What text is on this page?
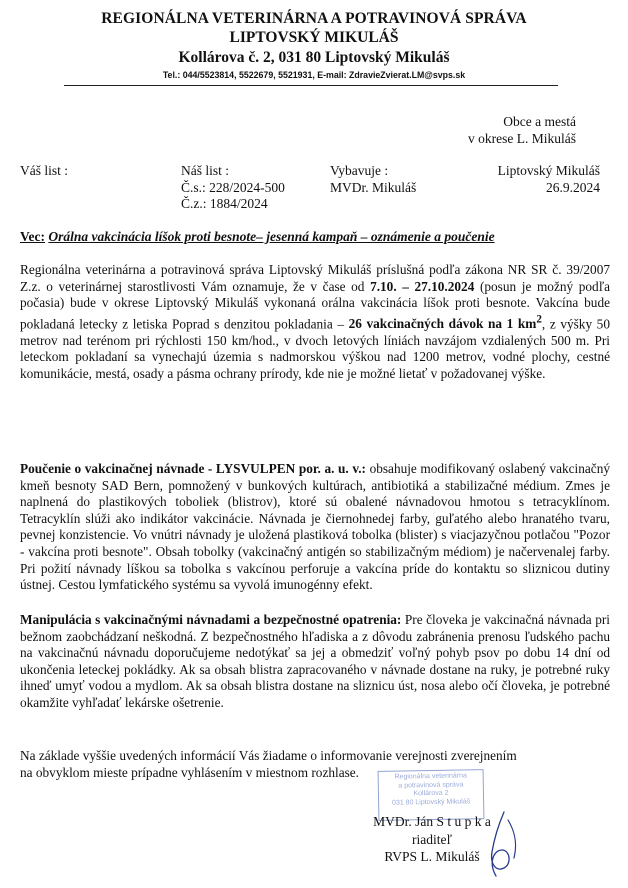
REGIONÁLNA VETERINÁRNA A POTRAVINOVÁ SPRÁVA
LIPTOVSKÝ MIKULÁŠ
Kollárova č. 2, 031 80 Liptovský Mikuláš
Tel.: 044/5523814, 5522679, 5521931, E-mail: ZdravieZvierat.LM@svps.sk
Obce a mestá
v okrese L. Mikuláš
Váš list :	Náš list :
Č.s.: 228/2024-500
Č.z.: 1884/2024
Vybavuje :
MVDr. Mikuláš
Liptovský Mikuláš
26.9.2024
Vec: Orálna vakcinácia líšok proti besnote– jesenná kampaň – oznámenie a poučenie

Regionálna veterinárna a potravinová správa Liptovský Mikuláš príslušná podľa zákona NR SR č. 39/2007 Z.z. o veterinárnej starostlivosti Vám oznamuje, že v čase od 7.10. – 27.10.2024 (posun je možný podľa počasia) bude v okrese Liptovský Mikuláš vykonaná orálna vakcinácia líšok proti besnote. Vakcína bude pokladaná letecky z letiska Poprad s denzitou pokladania – 26 vakcinačných dávok na 1 $km^2$, z výšky 50 metrov nad terénom pri rýchlosti 150 km/hod., v dvoch letových líniách navzájom vzdialených 500 m. Pri leteckom pokladaní sa vynechajú územia s nadmorskou výškou nad 1200 metrov, vodné plochy, cestné komunikácie, mestá, osady a pásma ochrany prírody, kde nie je možné lietať v požadovanej výške.

Poučenie o vakcinačnej návnade - LYSVULPEN por. a. u. v.: obsahuje modifikovaný oslabený vakcinačný kmeň besnoty SAD Bern, pomnožený v bunkových kultúrach, antibiotiká a stabilizačné médium. Zmes je naplnená do plastikových toboliek (blistrov), ktoré sú obalené návnadovou hmotou s tetracyklínom. Tetracyklín slúži ako indikátor vakcinácie. Návnada je čiernohnedej farby, guľatého alebo hranatého tvaru, pevnej konzistencie. Vo vnútri návnady je uložená plastiková tobolka (blister) s viacjazyčnou potlačou "Pozor - vakcína proti besnote". Obsah tobolky (vakcinačný antigén so stabilizačným médiom) je načervenalej farby. Pri požití návnady líškou sa tobolka s vakcínou perforuje a vakcína príde do kontaktu so sliznicou dutiny ústnej. Cestou lymfatického systému sa vyvolá imunogénny efekt.

Manipulácia s vakcinačnými návnadami a bezpečnostné opatrenia: Pre človeka je vakcinačná návnada pri bežnom zaobchádzaní neškodná. Z bezpečnostného hľadiska a z dôvodu zabránenia prenosu ľudského pachu na vakcinačnú návnadu doporučujeme nedotýkať sa jej a obmedziť voľný pohyb psov po dobu 14 dní od ukončenia leteckej pokládky. Ak sa obsah blistra zapracovaného v návnade dostane na ruky, je potrebné ruky ihneď umyť vodou a mydlom. Ak sa obsah blistra dostane na sliznicu úst, nosa alebo očí človeka, je potrebné okamžite vyhľadať lekárske ošetrenie.

Na základe vyššie uvedených informácií Vás žiadame o informovanie verejnosti zverejnením
na obvyklom mieste prípadne vyhlásením v miestnom rozhlase.	Regionálna veterinárna
a potravinová správa
Kollárova 2
031 80 Liptovský Mikuláš
MVDr. Ján S t u p k a
riaditeľ
RVPS L. Mikuláš
